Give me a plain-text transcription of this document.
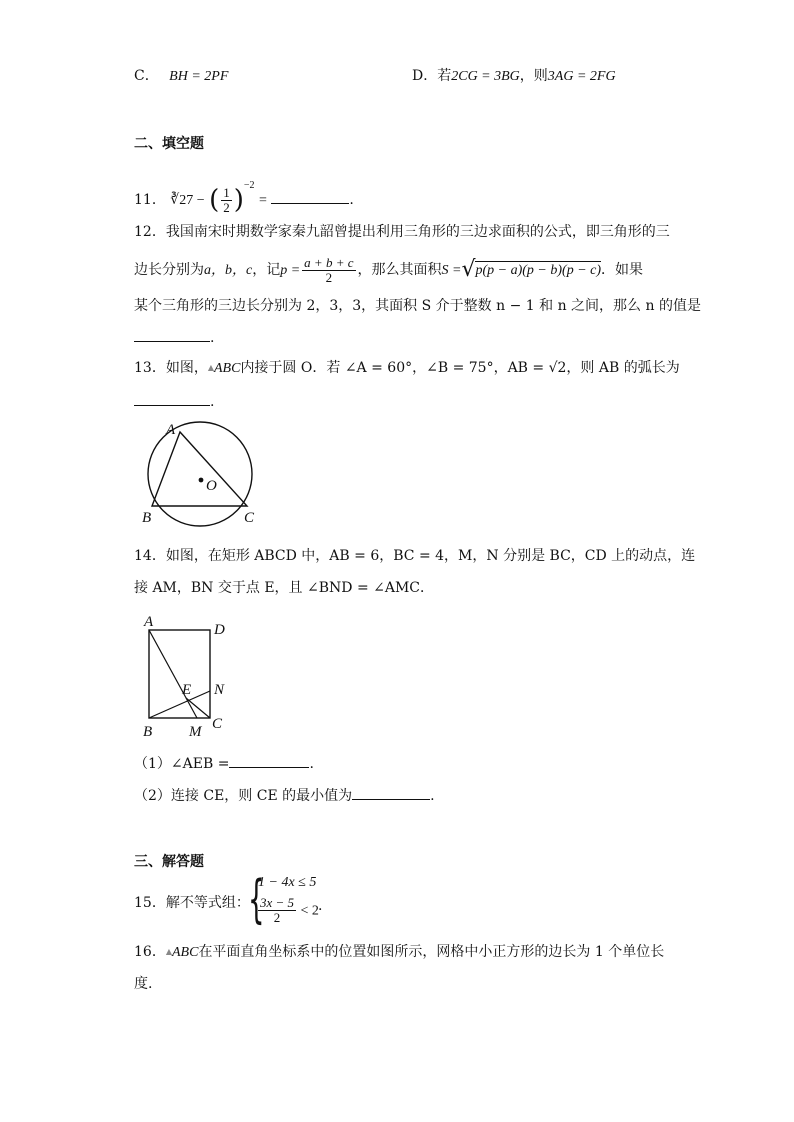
C． BH = 2PF	D．若2CG = 3BG，则3AG = 2FG
二、填空题
11． ∛27 − ( $\frac{1}{2} )^{-2}$ =	.
12．我国南宋时期数学家秦九韶曾提出利用三角形的三边求面积的公式，即三角形的三
边长分别为a，b，c，记$p = \frac{a + b + c}{2}$ ，那么其面积S =√p(p − a)(p − b)(p − c)．如果
某个三角形的三边长分别为 2，3，3，其面积 S 介于整数 n − 1 和 n 之间，那么 n 的值是
.
13．如图，▲ABC内接于圆 O．若 ∠A = 60°，∠B = 75°，AB = √2，则 AB 的弧长为
.
A
B	C
O
14．如图，在矩形 ABCD 中，AB = 6，BC = 4，M，N 分别是 BC，CD 上的动点，连
接 AM，BN 交于点 E，且 ∠BND = ∠AMC．
A	D
B	C
E
M
N
（1）∠AEB =	.
（2）连接 CE，则 CE 的最小值为	.
三、解答题
15．解不等式组：
{
1 − 4x ≤ 5
$\frac{3x - 5}{2} < 2$ .
16．▲ABC在平面直角坐标系中的位置如图所示，网格中小正方形的边长为 1 个单位长
度.
